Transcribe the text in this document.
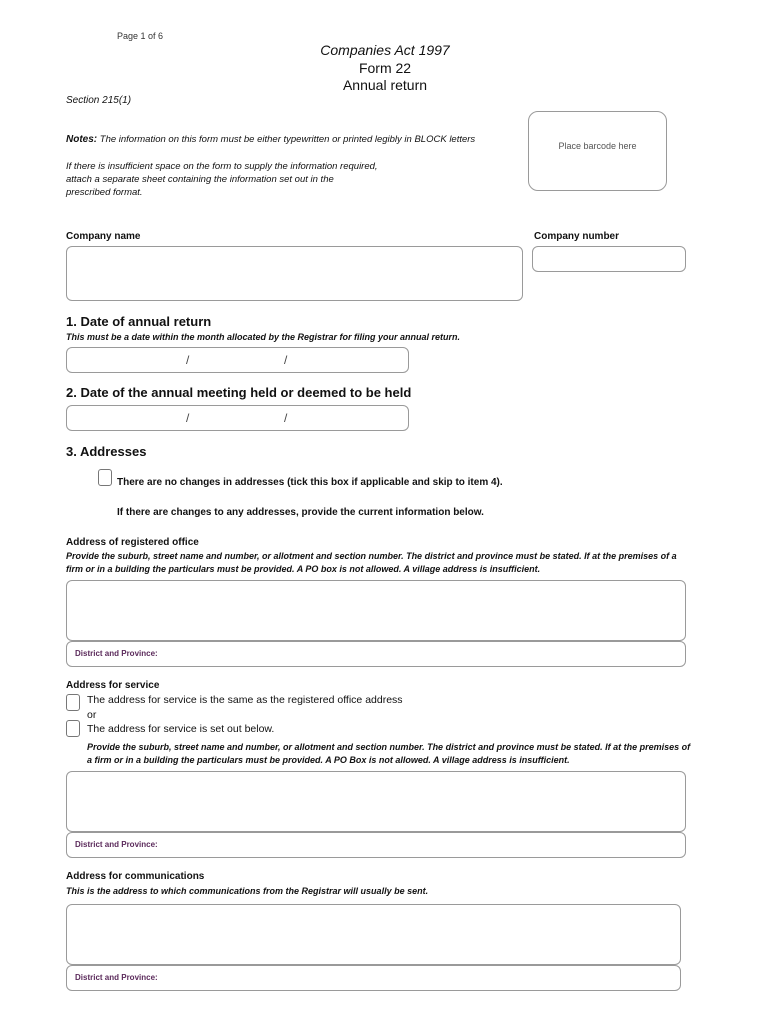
Page 1 of 6
Companies Act 1997
Form 22
Annual return
Section 215(1)
Notes: The information on this form must be either typewritten or printed legibly in BLOCK letters
If there is insufficient space on the form to supply the information required,
attach a separate sheet containing the information set out in the
prescribed format.
Place barcode here
Company name	Company number
1. Date of annual return
This must be a date within the month allocated by the Registrar for filing your annual return.
/	/
2. Date of the annual meeting held or deemed to be held
/	/
3. Addresses
There are no changes in addresses (tick this box if applicable and skip to item 4).
If there are changes to any addresses, provide the current information below.
Address of registered office
Provide the suburb, street name and number, or allotment and section number. The district and province must be stated. If at the premises of a
firm or in a building the particulars must be provided. A PO box is not allowed. A village address is insufficient.
District and Province:
Address for service
The address for service is the same as the registered office address
or
The address for service is set out below.
Provide the suburb, street name and number, or allotment and section number. The district and province must be stated. If at the premises of
a firm or in a building the particulars must be provided. A PO Box is not allowed. A village address is insufficient.
District and Province:
Address for communications
This is the address to which communications from the Registrar will usually be sent.
District and Province:
